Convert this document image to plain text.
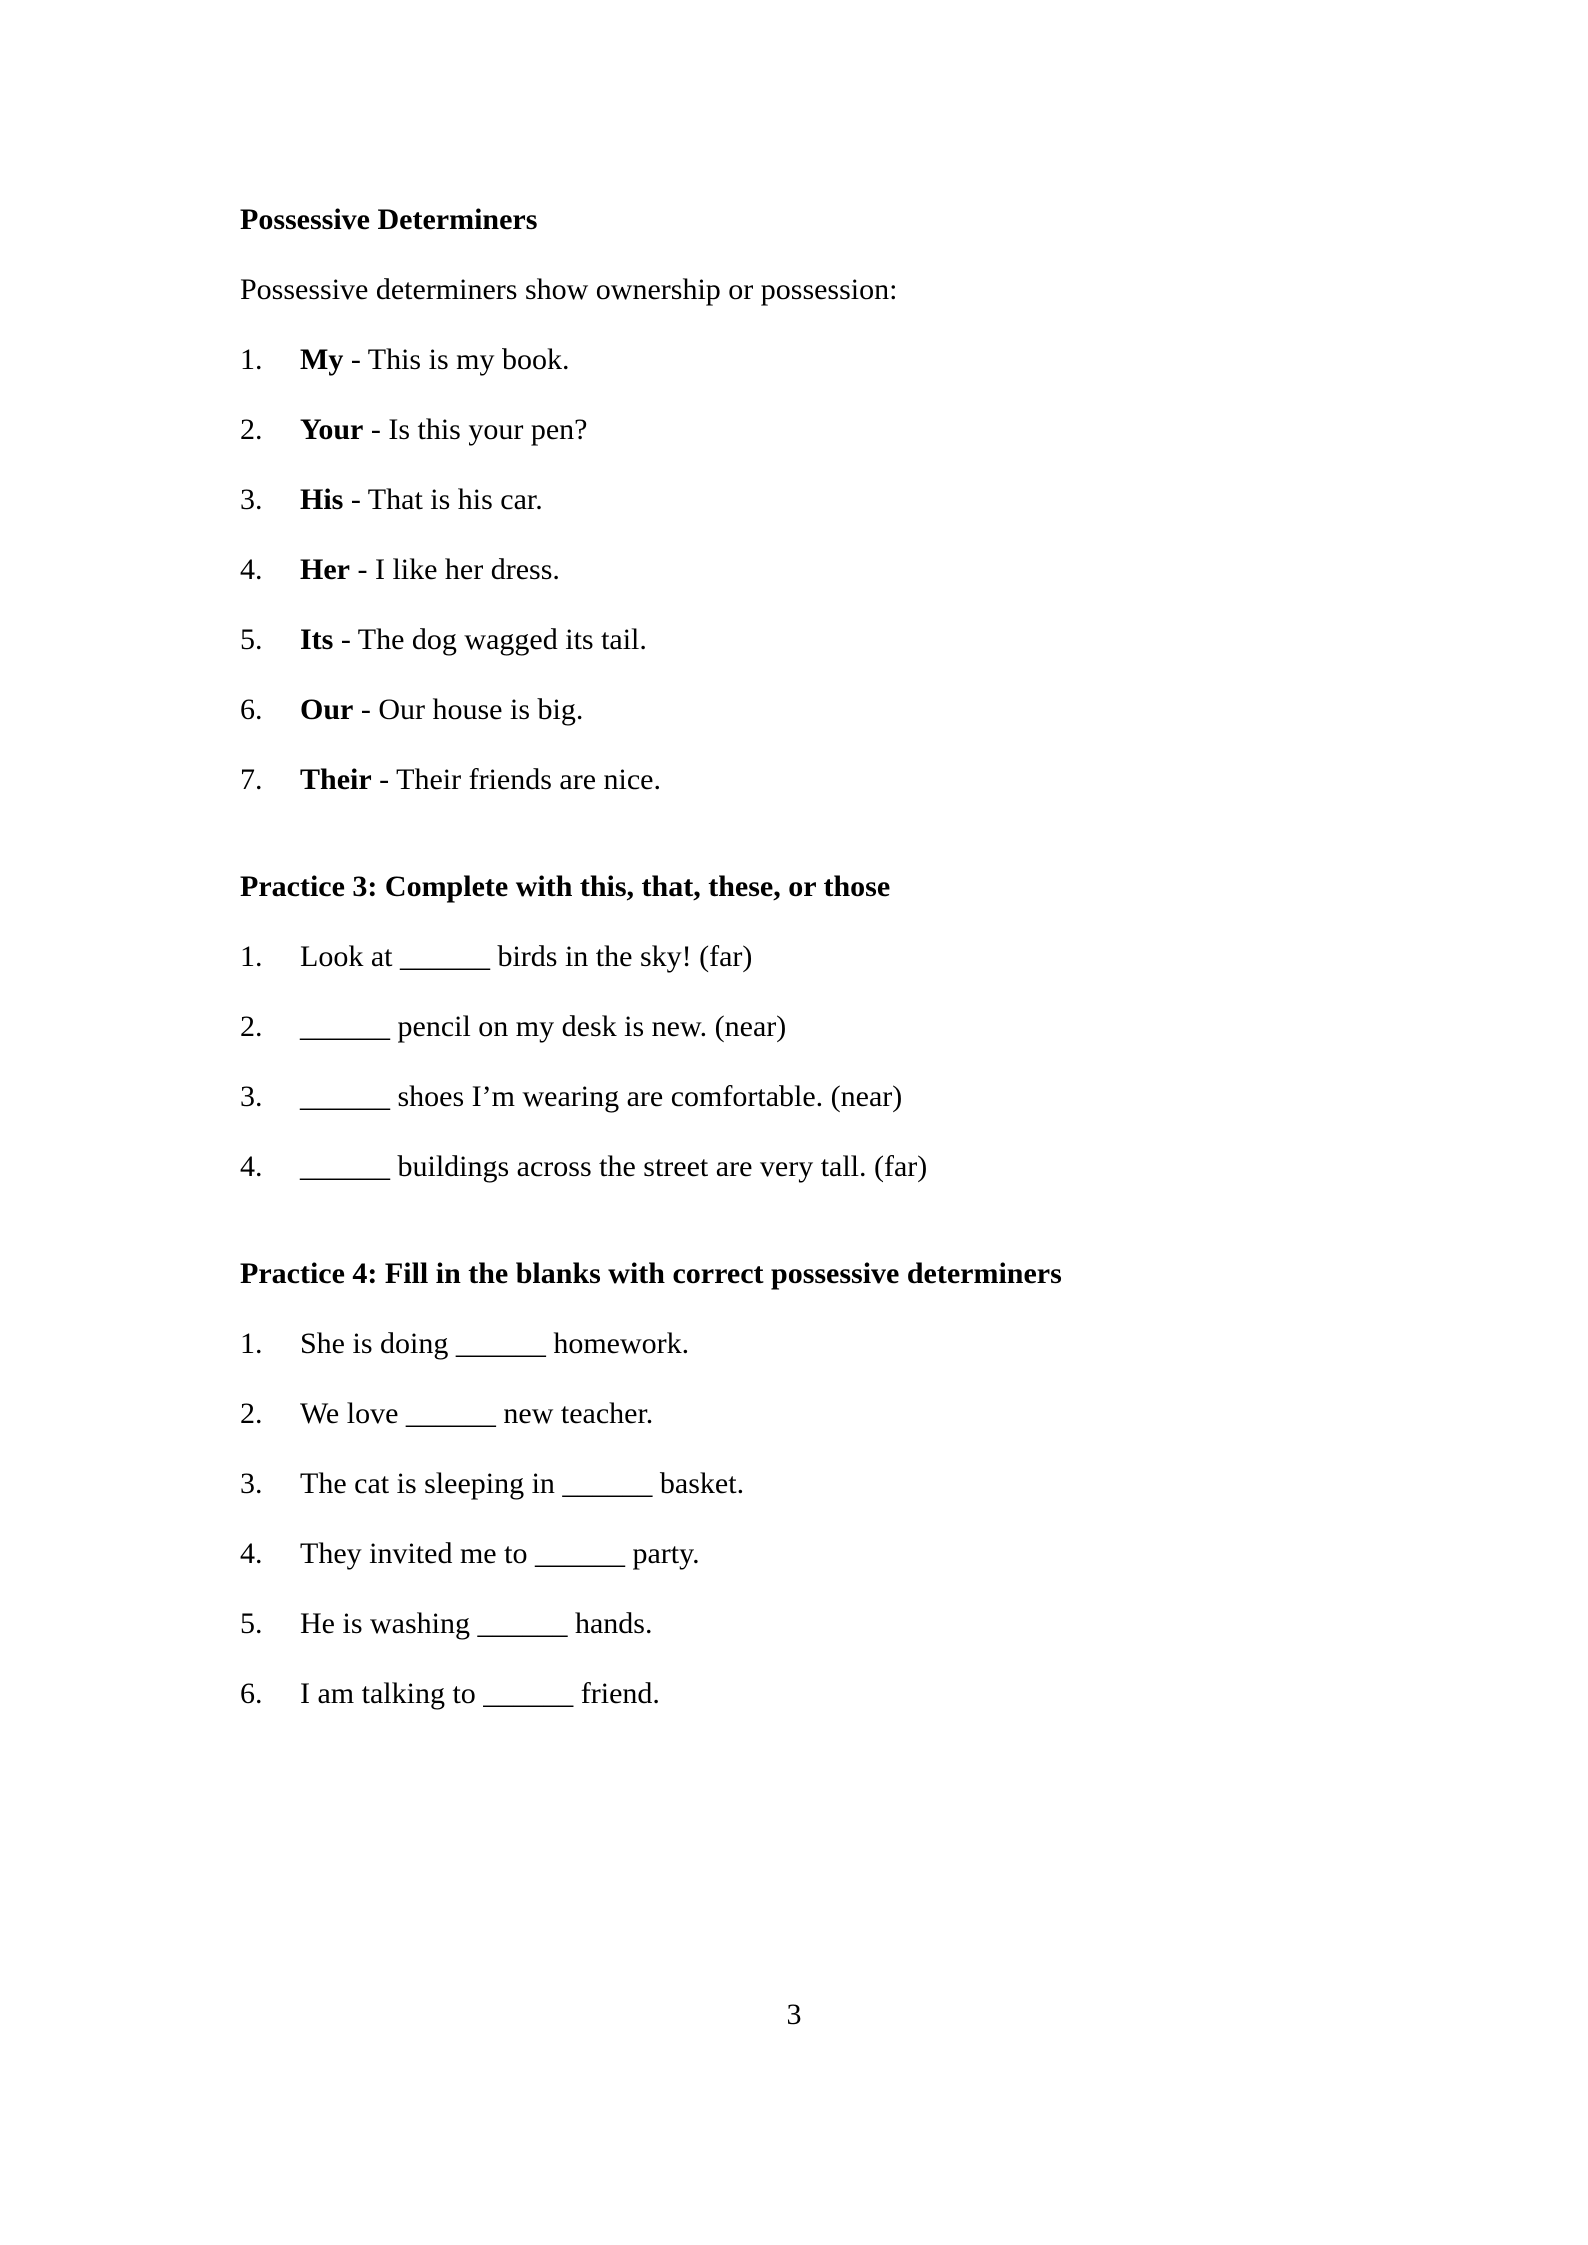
Possessive Determiners
Possessive determiners show ownership or possession:
1.	My - This is my book.
2.	Your - Is this your pen?
3.	His - That is his car.
4.	Her - I like her dress.
5.	Its - The dog wagged its tail.
6.	Our - Our house is big.
7.	Their - Their friends are nice.
Practice 3: Complete with this, that, these, or those
1.	Look at ______ birds in the sky! (far)
2.	______ pencil on my desk is new. (near)
3.	______ shoes I’m wearing are comfortable. (near)
4.	______ buildings across the street are very tall. (far)
Practice 4: Fill in the blanks with correct possessive determiners
1.	She is doing ______ homework.
2.	We love ______ new teacher.
3.	The cat is sleeping in ______ basket.
4.	They invited me to ______ party.
5.	He is washing ______ hands.
6.	I am talking to ______ friend.
3
